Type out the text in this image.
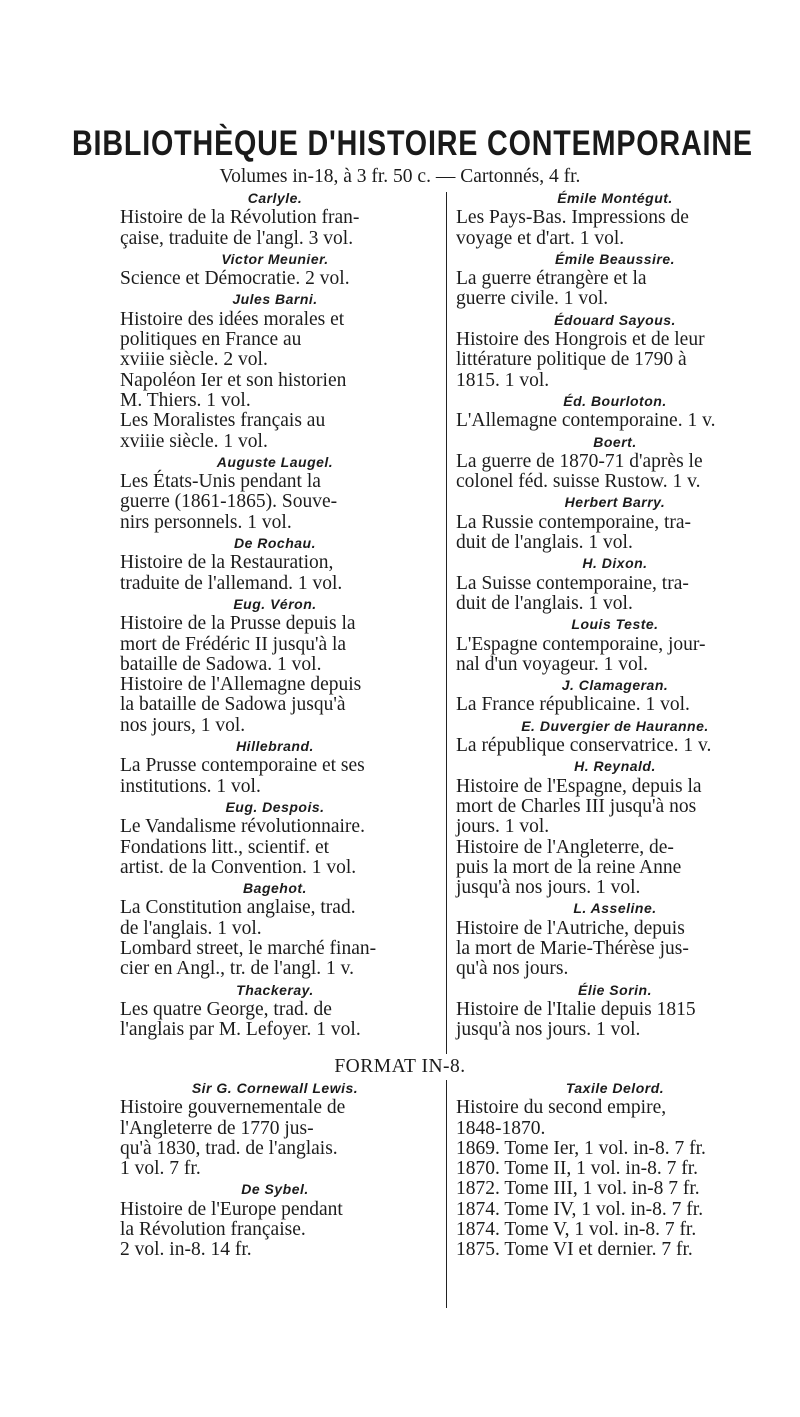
BIBLIOTHÈQUE D'HISTOIRE CONTEMPORAINE
Volumes in-18, à 3 fr. 50 c. — Cartonnés, 4 fr.
Carlyle.
Histoire de la Révolution fran-
çaise, traduite de l'angl. 3 vol.
Victor Meunier.
Science et Démocratie. 2 vol.
Jules Barni.
Histoire des idées morales et
politiques en France au
xviiie siècle. 2 vol.
Napoléon Ier et son historien
M. Thiers. 1 vol.
Les Moralistes français au
xviiie siècle. 1 vol.
Auguste Laugel.
Les États-Unis pendant la
guerre (1861-1865). Souve-
nirs personnels. 1 vol.
De Rochau.
Histoire de la Restauration,
traduite de l'allemand. 1 vol.
Eug. Véron.
Histoire de la Prusse depuis la
mort de Frédéric II jusqu'à la
bataille de Sadowa. 1 vol.
Histoire de l'Allemagne depuis
la bataille de Sadowa jusqu'à
nos jours, 1 vol.
Hillebrand.
La Prusse contemporaine et ses
institutions. 1 vol.
Eug. Despois.
Le Vandalisme révolutionnaire.
Fondations litt., scientif. et
artist. de la Convention. 1 vol.
Bagehot.
La Constitution anglaise, trad.
de l'anglais. 1 vol.
Lombard street, le marché finan-
cier en Angl., tr. de l'angl. 1 v.
Thackeray.
Les quatre George, trad. de
l'anglais par M. Lefoyer. 1 vol.
Émile Montégut.
Les Pays-Bas. Impressions de
voyage et d'art. 1 vol.
Émile Beaussire.
La guerre étrangère et la
guerre civile. 1 vol.
Édouard Sayous.
Histoire des Hongrois et de leur
littérature politique de 1790 à
1815. 1 vol.
Éd. Bourloton.
L'Allemagne contemporaine. 1 v.
Boert.
La guerre de 1870-71 d'après le
colonel féd. suisse Rustow. 1 v.
Herbert Barry.
La Russie contemporaine, tra-
duit de l'anglais. 1 vol.
H. Dixon.
La Suisse contemporaine, tra-
duit de l'anglais. 1 vol.
Louis Teste.
L'Espagne contemporaine, jour-
nal d'un voyageur. 1 vol.
J. Clamageran.
La France républicaine. 1 vol.
E. Duvergier de Hauranne.
La république conservatrice. 1 v.
H. Reynald.
Histoire de l'Espagne, depuis la
mort de Charles III jusqu'à nos
jours. 1 vol.
Histoire de l'Angleterre, de-
puis la mort de la reine Anne
jusqu'à nos jours. 1 vol.
L. Asseline.
Histoire de l'Autriche, depuis
la mort de Marie-Thérèse jus-
qu'à nos jours.
Élie Sorin.
Histoire de l'Italie depuis 1815
jusqu'à nos jours. 1 vol.
FORMAT IN-8.
Sir G. Cornewall Lewis.
Histoire gouvernementale de
l'Angleterre de 1770 jus-
qu'à 1830, trad. de l'anglais.
1 vol. 7 fr.
De Sybel.
Histoire de l'Europe pendant
la Révolution française.
2 vol. in-8. 14 fr.
Taxile Delord.
Histoire du second empire,
1848-1870.
1869. Tome Ier, 1 vol. in-8. 7 fr.
1870. Tome II, 1 vol. in-8. 7 fr.
1872. Tome III, 1 vol. in-8 7 fr.
1874. Tome IV, 1 vol. in-8. 7 fr.
1874. Tome V, 1 vol. in-8. 7 fr.
1875. Tome VI et dernier. 7 fr.
